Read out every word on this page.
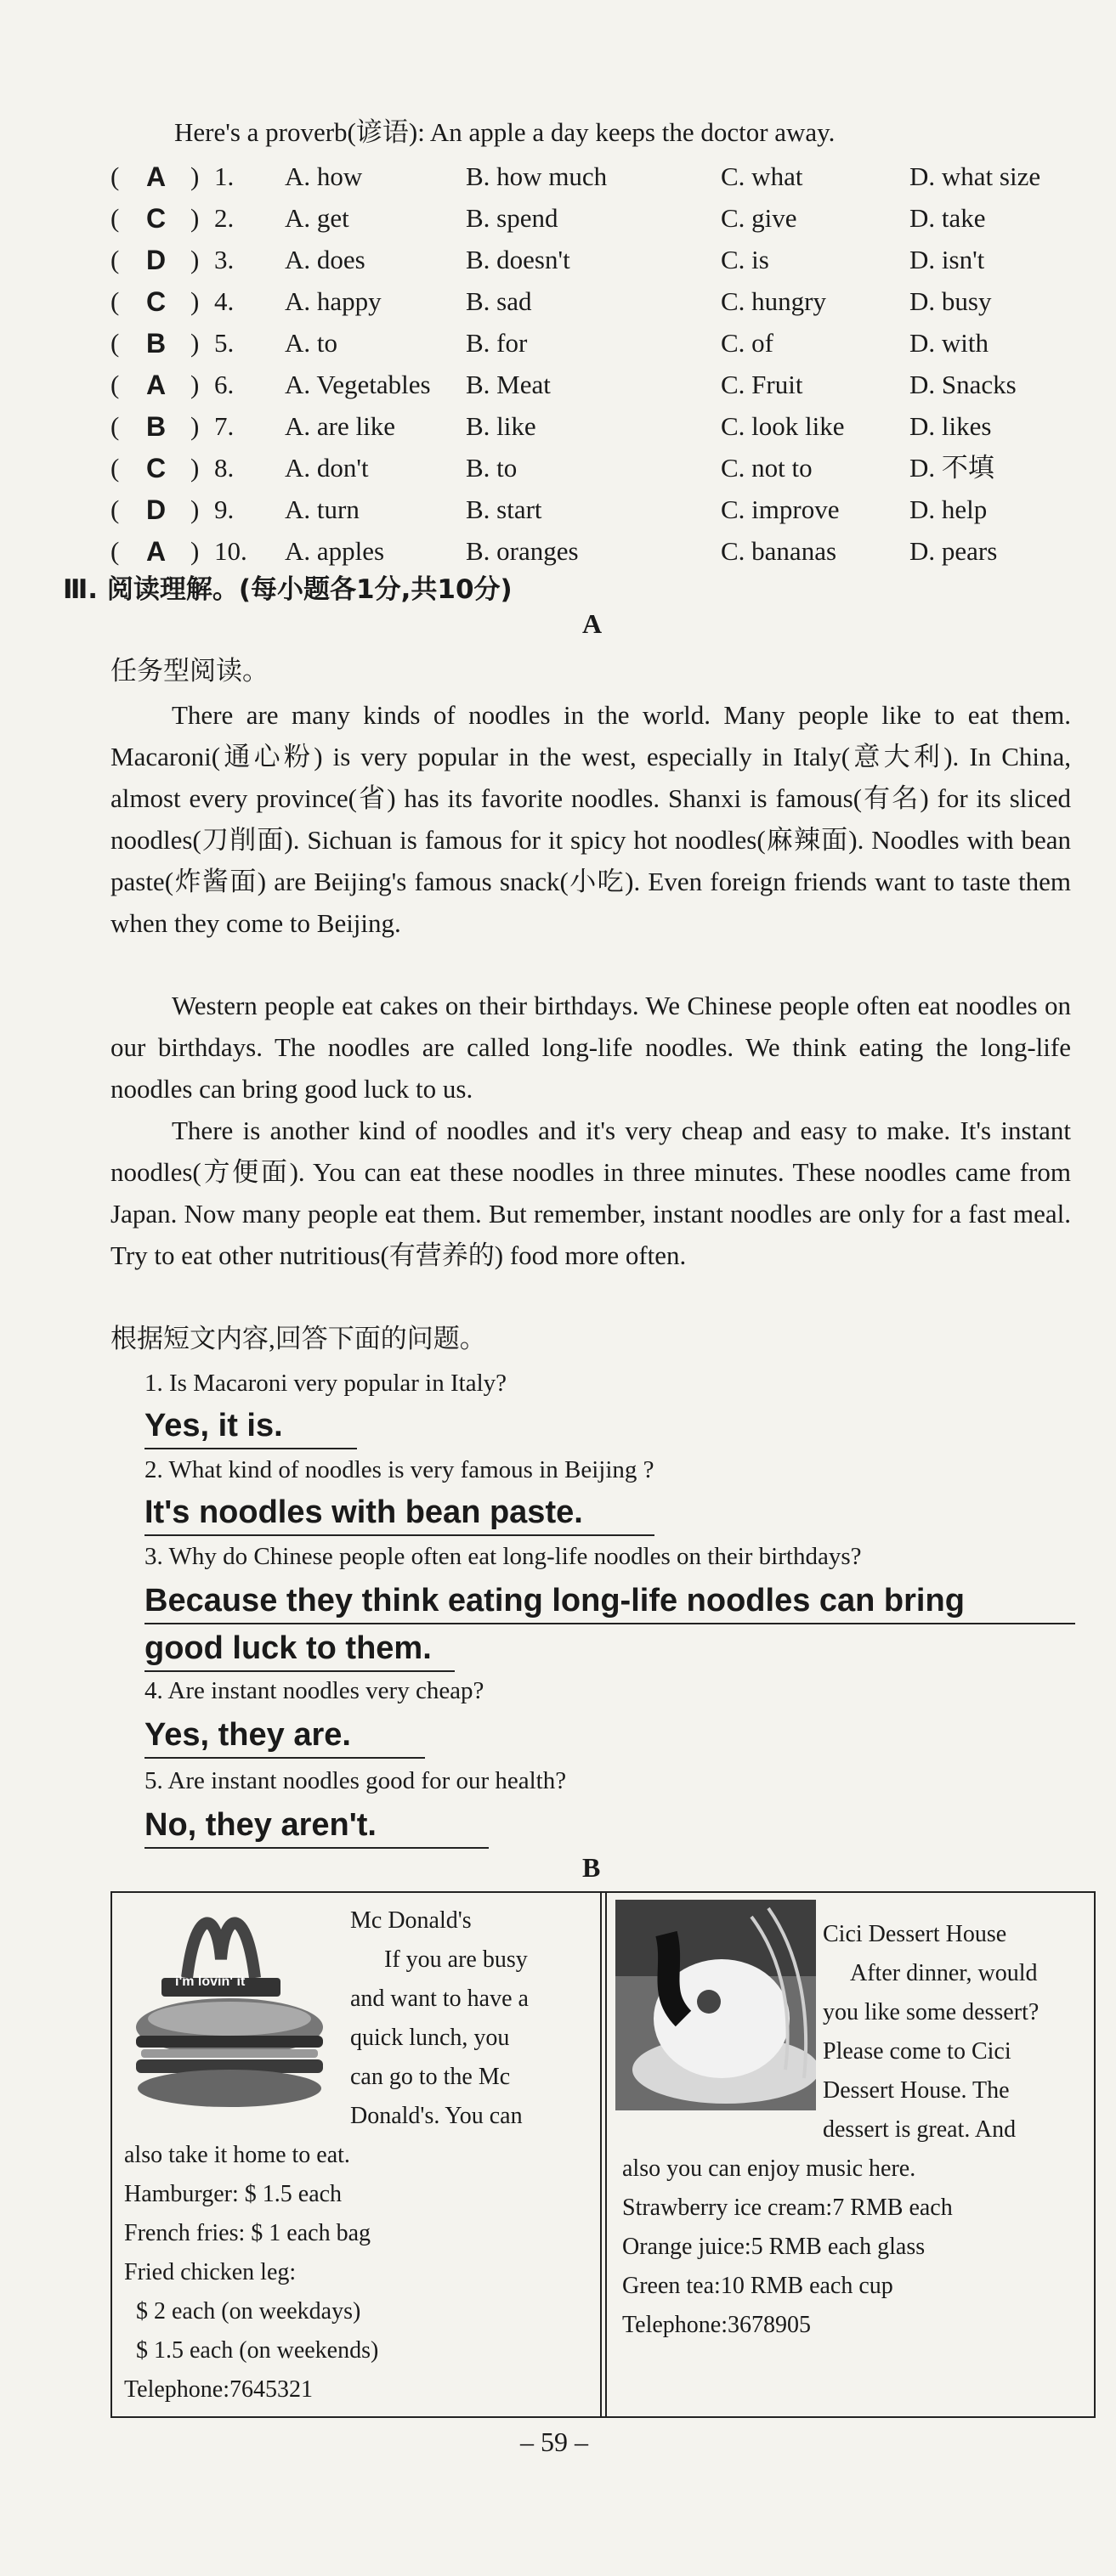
Here's a proverb(谚语): An apple a day keeps the doctor away.
( A ) 1. A. how	B. how much	C. what	D. what size
( C ) 2. A. get	B. spend	C. give	D. take
( D ) 3. A. does	B. doesn't	C. is	D. isn't
( C ) 4. A. happy	B. sad	C. hungry	D. busy
( B ) 5. A. to	B. for	C. of	D. with
( A ) 6. A. Vegetables B. Meat	C. Fruit	D. Snacks
( B ) 7. A. are like	B. like	C. look like D. likes
( C ) 8. A. don't	B. to	C. not to	D. 不填
( D ) 9. A. turn	B. start	C. improve	D. help
( A ) 10. A. apples	B. oranges	C. bananas	D. pears
Ⅲ. 阅读理解。(每小题各1分,共10分)
A
任务型阅读。

There are many kinds of noodles in the world. Many people like to eat them. Macaroni(通心粉) is very popular in the west, especially in Italy(意大利). In China, almost every province(省) has its favorite noodles. Shanxi is famous(有名) for its sliced noodles(刀削面). Sichuan is famous for it spicy hot noodles(麻辣面). Noodles with bean paste(炸酱面) are Beijing's famous snack(小吃). Even foreign friends want to taste them when they come to Beijing.

Western people eat cakes on their birthdays. We Chinese people often eat noodles on our birthdays. The noodles are called long-life noodles. We think eating the long-life noodles can bring good luck to us.

There is another kind of noodles and it's very cheap and easy to make. It's instant noodles(方便面). You can eat these noodles in three minutes. These noodles came from Japan. Now many people eat them. But remember, instant noodles are only for a fast meal. Try to eat other nutritious(有营养的) food more often.

根据短文内容,回答下面的问题。
1. Is Macaroni very popular in Italy?
Yes, it is.
2. What kind of noodles is very famous in Beijing ?
It's noodles with bean paste.
3. Why do Chinese people often eat long-life noodles on their birthdays?
Because they think eating long-life noodles can bring
good luck to them.
4. Are instant noodles very cheap?
Yes, they are.
5. Are instant noodles good for our health?
No, they aren't.
B
i'm lovin' it
Mc Donald's
If you are busy
and want to have a
quick lunch, you
can go to the Mc
Donald's. You can
also take it home to eat.
Hamburger: $ 1.5 each
French fries: $ 1 each bag
Fried chicken leg:
$ 2 each (on weekdays)
$ 1.5 each (on weekends)
Telephone:7645321
Cici Dessert House
After dinner, would
you like some dessert?
Please come to Cici
Dessert House. The
dessert is great. And
also you can enjoy music here.
Strawberry ice cream:7 RMB each
Orange juice:5 RMB each glass
Green tea:10 RMB each cup
Telephone:3678905
– 59 –
